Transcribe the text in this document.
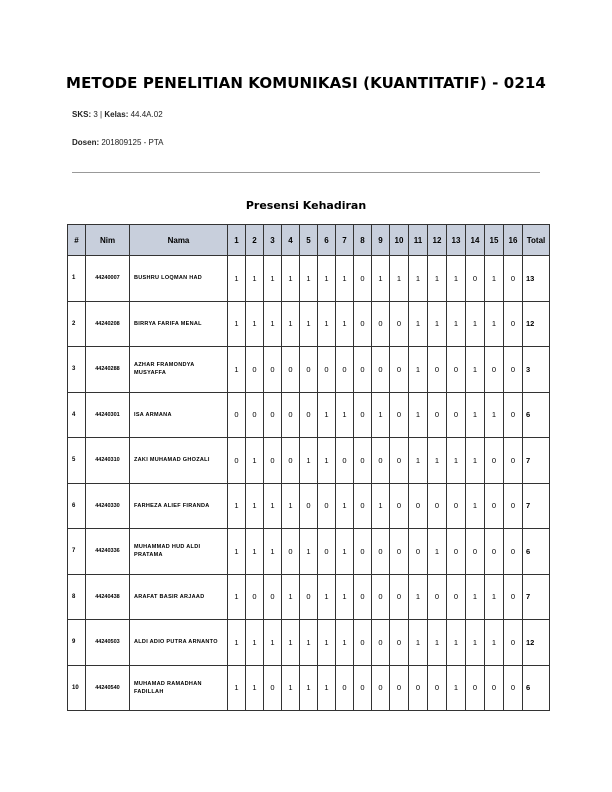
METODE PENELITIAN KOMUNIKASI (KUANTITATIF) - 0214
SKS: 3 | Kelas: 44.4A.02
Dosen: 201809125 - PTA
Presensi Kehadiran
#	Nim	Nama	1	2	3	4	5	6	7	8	9	10	11	12	13	14	15	16	Total
1	44240007	BUSHRU LOQMAN HAD	1	1	1	1	1	1	1	0	1	1	1	1	1	0	1	0	13
2	44240208	BIRRYA FARIFA MENAL	1	1	1	1	1	1	1	0	0	0	1	1	1	1	1	0	12
3	44240288	AZHAR FRAMONDYA MUSYAFFA	1	0	0	0	0	0	0	0	0	0	1	0	0	1	0	0	3
4	44240301	ISA ARMANA	0	0	0	0	0	1	1	0	1	0	1	0	0	1	1	0	6
5	44240310	ZAKI MUHAMAD GHOZALI	0	1	0	0	1	1	0	0	0	0	1	1	1	1	0	0	7
6	44240330	FARHEZA ALIEF FIRANDA	1	1	1	1	0	0	1	0	1	0	0	0	0	1	0	0	7
7	44240336	MUHAMMAD HUD ALDI PRATAMA	1	1	1	0	1	0	1	0	0	0	0	1	0	0	0	0	6
8	44240438	ARAFAT BASIR ARJAAD	1	0	0	1	0	1	1	0	0	0	1	0	0	1	1	0	7
9	44240503	ALDI ADIO PUTRA ARNANTO	1	1	1	1	1	1	1	0	0	0	1	1	1	1	1	0	12
10	44240540	MUHAMAD RAMADHAN FADILLAH	1	1	0	1	1	1	0	0	0	0	0	0	1	0	0	0	6
